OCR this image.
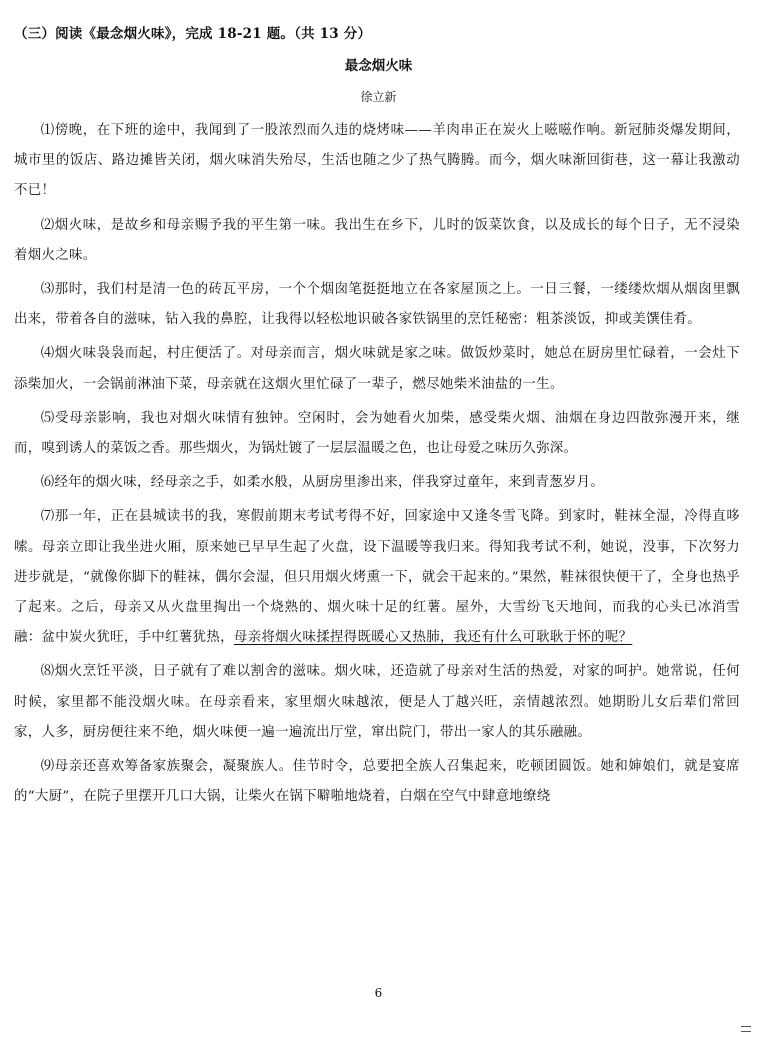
（三）阅读《最念烟火味》，完成 18-21 题。（共 13 分）
最念烟火味
徐立新

⑴傍晚，在下班的途中，我闻到了一股浓烈而久违的烧烤味——羊肉串正在炭火上嗞嗞作响。新冠肺炎爆发期间，城市里的饭店、路边摊皆关闭，烟火味消失殆尽，生活也随之少了热气腾腾。而今，烟火味渐回街巷，这一幕让我激动不已！

⑵烟火味，是故乡和母亲赐予我的平生第一味。我出生在乡下，儿时的饭菜饮食，以及成长的每个日子，无不浸染着烟火之味。

⑶那时，我们村是清一色的砖瓦平房，一个个烟囱笔挺挺地立在各家屋顶之上。一日三餐，一缕缕炊烟从烟囱里飘出来，带着各自的滋味，钻入我的鼻腔，让我得以轻松地识破各家铁锅里的烹饪秘密：粗茶淡饭，抑或美馔佳肴。

⑷烟火味袅袅而起，村庄便活了。对母亲而言，烟火味就是家之味。做饭炒菜时，她总在厨房里忙碌着，一会灶下添柴加火，一会锅前淋油下菜，母亲就在这烟火里忙碌了一辈子，燃尽她柴米油盐的一生。

⑸受母亲影响，我也对烟火味情有独钟。空闲时，会为她看火加柴，感受柴火烟、油烟在身边四散弥漫开来，继而，嗅到诱人的菜饭之香。那些烟火，为锅灶镀了一层层温暖之色，也让母爱之味历久弥深。

⑹经年的烟火味，经母亲之手，如柔水般，从厨房里渗出来，伴我穿过童年，来到青葱岁月。

⑺那一年，正在县城读书的我，寒假前期末考试考得不好，回家途中又逢冬雪飞降。到家时，鞋袜全湿，冷得直哆嗦。母亲立即让我坐进火厢，原来她已早早生起了火盘，设下温暖等我归来。得知我考试不利，她说，没事，下次努力进步就是，“就像你脚下的鞋袜，偶尔会湿，但只用烟火烤熏一下，就会干起来的。”果然，鞋袜很快便干了，全身也热乎了起来。之后，母亲又从火盘里掏出一个烧熟的、烟火味十足的红薯。屋外，大雪纷飞天地间，而我的心头已冰消雪融：盆中炭火犹旺，手中红薯犹热，母亲将烟火味揉捏得既暖心又热肺，我还有什么可耿耿于怀的呢？

⑻烟火烹饪平淡，日子就有了难以割舍的滋味。烟火味，还造就了母亲对生活的热爱，对家的呵护。她常说，任何时候，家里都不能没烟火味。在母亲看来，家里烟火味越浓，便是人丁越兴旺，亲情越浓烈。她期盼儿女后辈们常回家，人多，厨房便往来不绝，烟火味便一遍一遍流出厅堂，窜出院门，带出一家人的其乐融融。

⑼母亲还喜欢筹备家族聚会，凝聚族人。佳节时令，总要把全族人召集起来，吃顿团圆饭。她和婶娘们，就是宴席的“大厨”，在院子里摆开几口大锅，让柴火在锅下噼啪地烧着，白烟在空气中肆意地缭绕

6
